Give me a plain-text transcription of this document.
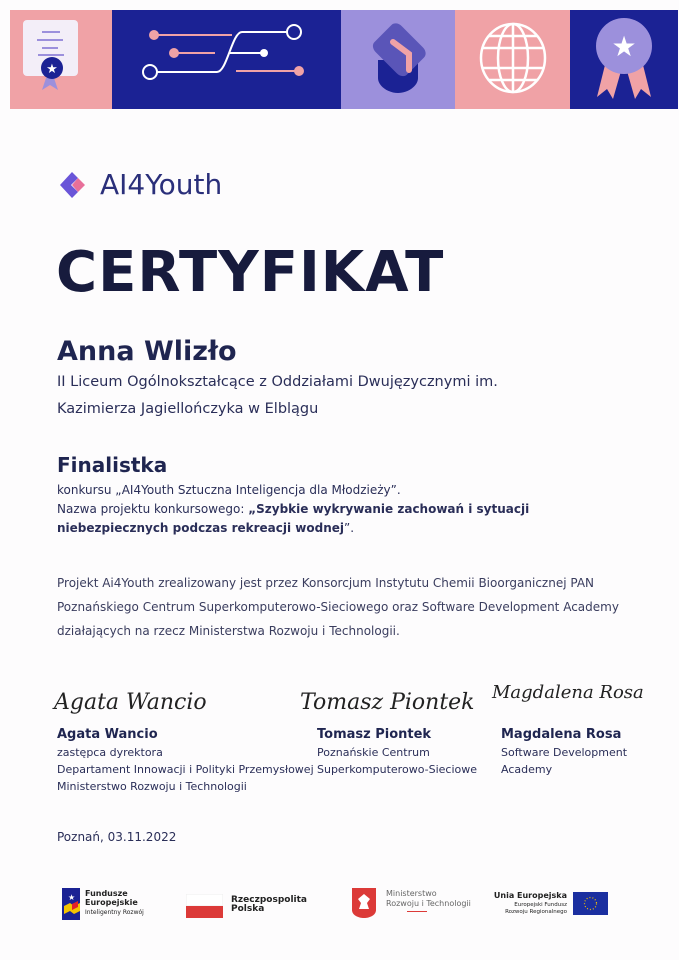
★
★
AI4Youth
CERTYFIKAT
Anna Wlizło
II Liceum Ogólnokształcące z Oddziałami Dwujęzycznymi im.
Kazimierza Jagiellończyka w Elblągu
Finalistka
konkursu „AI4Youth Sztuczna Inteligencja dla Młodzieży”.
Nazwa projektu konkursowego: „Szybkie wykrywanie zachowań i sytuacji
niebezpiecznych podczas rekreacji wodnej”.
Projekt Ai4Youth zrealizowany jest przez Konsorcjum Instytutu Chemii Bioorganicznej PAN
Poznańskiego Centrum Superkomputerowo-Sieciowego oraz Software Development Academy
działających na rzecz Ministerstwa Rozwoju i Technologii.
Agata Wancio
Agata Wancio
zastępca dyrektora
Departament Innowacji i Polityki Przemysłowej
Ministerstwo Rozwoju i Technologii
Tomasz Piontek
Tomasz Piontek
Poznańskie Centrum
Superkomputerowo-Sieciowe
Magdalena Rosa
Magdalena Rosa
Software Development
Academy
Poznań, 03.11.2022
★ Fundusze
Europejskie
Inteligentny Rozwój
Rzeczpospolita
Polska
Ministerstwo
Rozwoju i Technologii
Unia Europejska
Europejski Fundusz
Rozwoju Regionalnego
